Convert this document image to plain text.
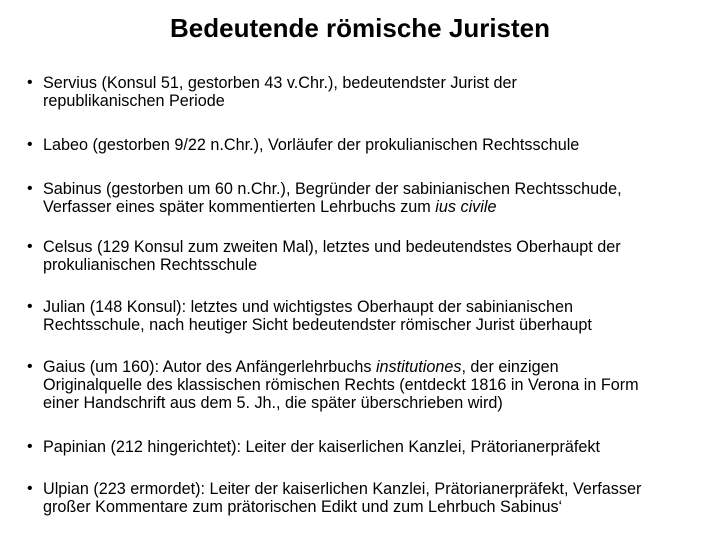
Bedeutende römische Juristen
• Servius (Konsul 51, gestorben 43 v.Chr.), bedeutendster Jurist der
republikanischen Periode
• Labeo (gestorben 9/22 n.Chr.), Vorläufer der prokulianischen Rechtsschule
• Sabinus (gestorben um 60 n.Chr.), Begründer der sabinianischen Rechtsschude,
Verfasser eines später kommentierten Lehrbuchs zum ius civile
• Celsus (129 Konsul zum zweiten Mal), letztes und bedeutendstes Oberhaupt der
prokulianischen Rechtsschule
• Julian (148 Konsul): letztes und wichtigstes Oberhaupt der sabinianischen
Rechtsschule, nach heutiger Sicht bedeutendster römischer Jurist überhaupt
• Gaius (um 160): Autor des Anfängerlehrbuchs institutiones, der einzigen
Originalquelle des klassischen römischen Rechts (entdeckt 1816 in Verona in Form
einer Handschrift aus dem 5. Jh., die später überschrieben wird)
• Papinian (212 hingerichtet): Leiter der kaiserlichen Kanzlei, Prätorianerpräfekt
• Ulpian (223 ermordet): Leiter der kaiserlichen Kanzlei, Prätorianerpräfekt, Verfasser
großer Kommentare zum prätorischen Edikt und zum Lehrbuch Sabinus‘
